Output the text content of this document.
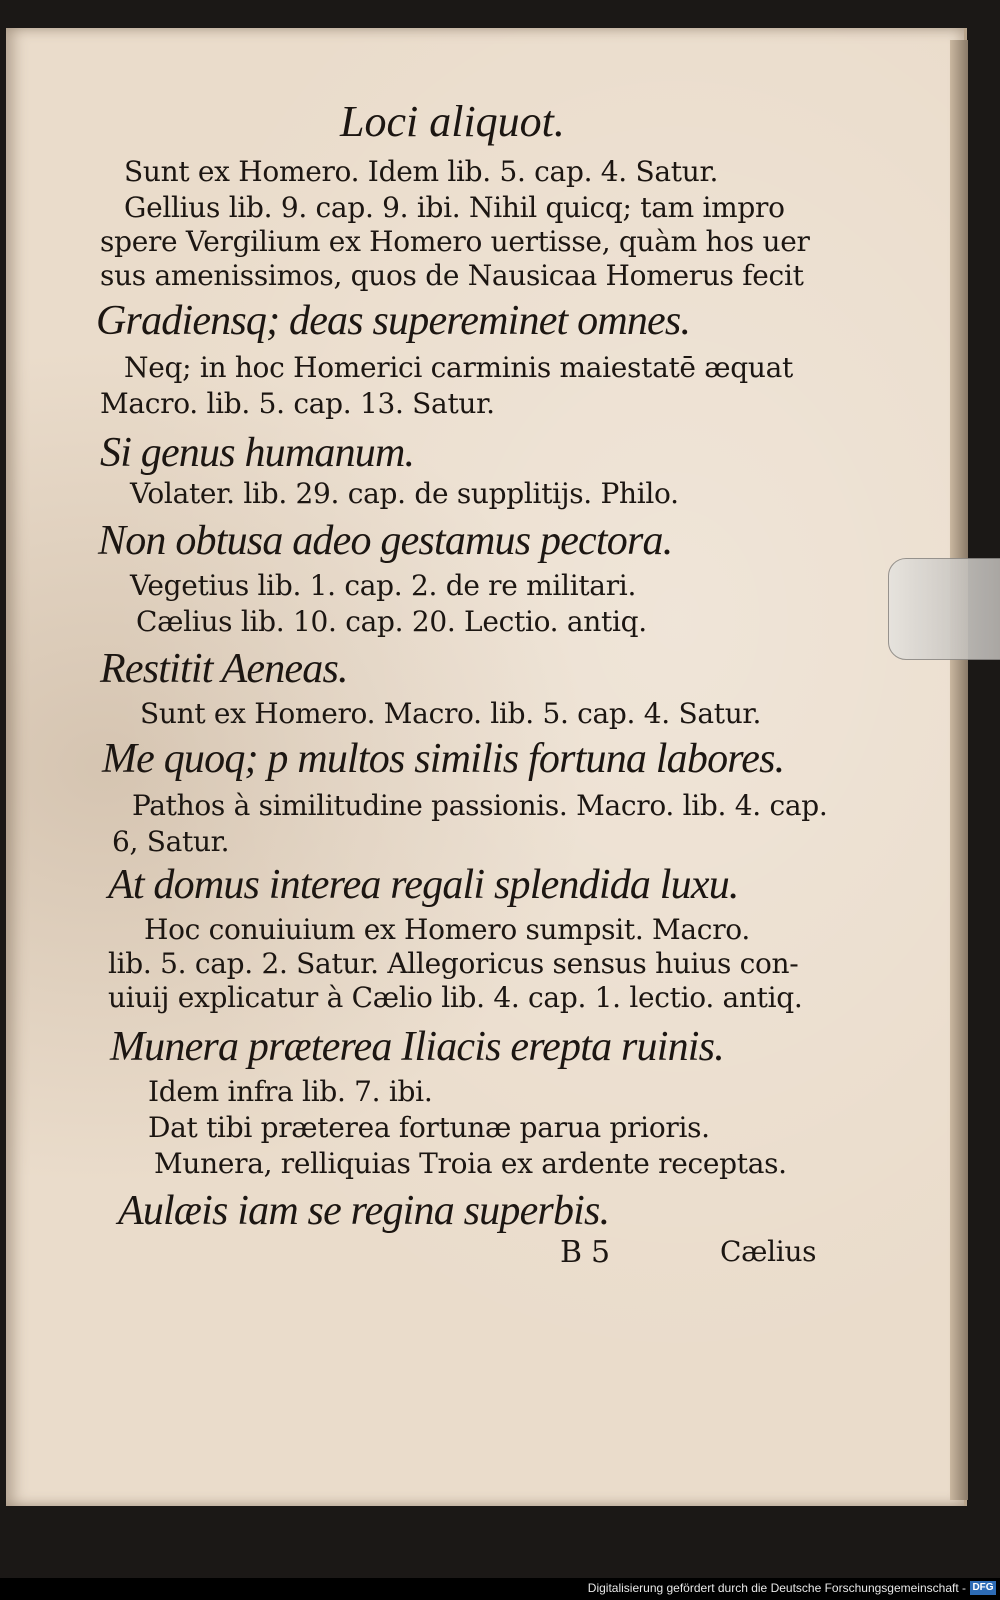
Loci aliquot.

Sunt ex Homero. Idem lib. 5. cap. 4. Satur.

Gellius lib. 9. cap. 9. ibi. Nihil quicq; tam impro

spere Vergilium ex Homero uertisse, quàm hos uer

sus amenissimos, quos de Nausicaa Homerus fecit

Gradiensq; deas supereminet omnes.

Neq; in hoc Homerici carminis maiestatē æquat

Macro. lib. 5. cap. 13. Satur.

Si genus humanum.

Volater. lib. 29. cap. de supplitijs. Philo.

Non obtusa adeo gestamus pectora.

Vegetius lib. 1. cap. 2. de re militari.

Cælius lib. 10. cap. 20. Lectio. antiq.

Restitit Aeneas.

Sunt ex Homero. Macro. lib. 5. cap. 4. Satur.

Me quoq; p multos similis fortuna labores.

Pathos à similitudine passionis. Macro. lib. 4. cap.

6, Satur.

At domus interea regali splendida luxu.

Hoc conuiuium ex Homero sumpsit. Macro.

lib. 5. cap. 2. Satur. Allegoricus sensus huius con-

uiuij explicatur à Cælio lib. 4. cap. 1. lectio. antiq.

Munera præterea Iliacis erepta ruinis.

Idem infra lib. 7. ibi.

Dat tibi præterea fortunæ parua prioris.

Munera, relliquias Troia ex ardente receptas.

Aulæis iam se regina superbis.

B 5	Cælius

Digitalisierung gefördert durch die Deutsche Forschungsgemeinschaft - DFG
